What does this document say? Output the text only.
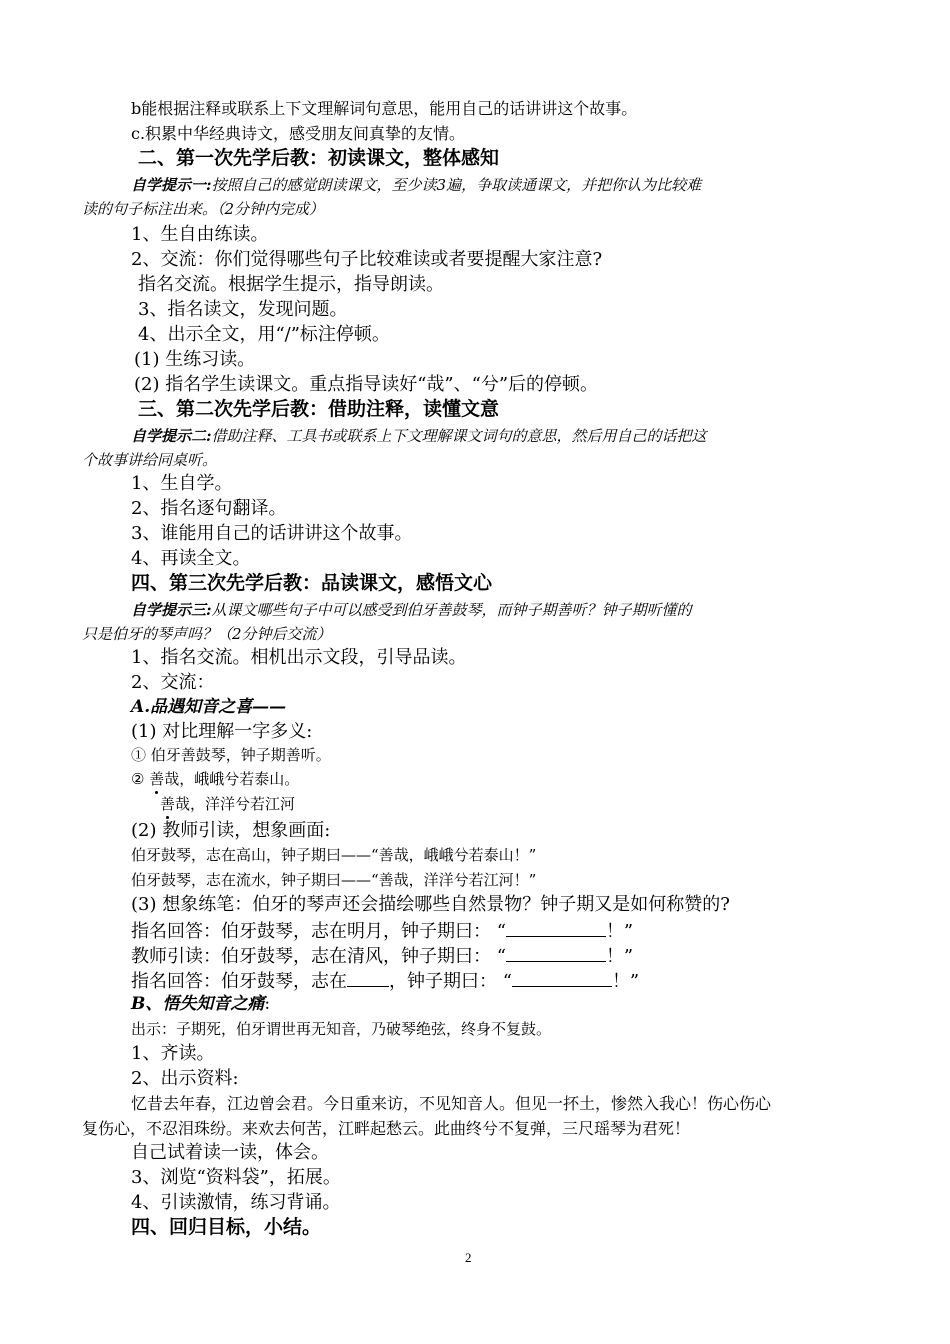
b能根据注释或联系上下文理解词句意思，能用自己的话讲讲这个故事。
c.积累中华经典诗文，感受朋友间真挚的友情。
二、第一次先学后教：初读课文，整体感知
自学提示一:按照自己的感觉朗读课文，至少读3遍，争取读通课文，并把你认为比较难
读的句子标注出来。（2分钟内完成）
1、生自由练读。
2、交流：你们觉得哪些句子比较难读或者要提醒大家注意?
指名交流。根据学生提示，指导朗读。
3、指名读文，发现问题。
4、出示全文，用“/”标注停顿。
(1) 生练习读。
(2) 指名学生读课文。重点指导读好“哉”、“兮”后的停顿。
三、第二次先学后教：借助注释，读懂文意
自学提示二:借助注释、工具书或联系上下文理解课文词句的意思，然后用自己的话把这
个故事讲给同桌听。
1、生自学。
2、指名逐句翻译。
3、谁能用自己的话讲讲这个故事。
4、再读全文。
四、第三次先学后教：品读课文，感悟文心
自学提示三:从课文哪些句子中可以感受到伯牙善鼓琴，而钟子期善听？钟子期听懂的
只是伯牙的琴声吗？（2分钟后交流）
1、指名交流。相机出示文段，引导品读。
2、交流：
A.品遇知音之喜——
(1) 对比理解一字多义:
① 伯牙善鼓琴，钟子期善听。
② 善哉，峨峨兮若泰山。
善哉，洋洋兮若江河
(2) 教师引读，想象画面:
伯牙鼓琴，志在高山，钟子期曰——“善哉，峨峨兮若泰山！”
伯牙鼓琴，志在流水，钟子期曰——“善哉，洋洋兮若江河！”
(3) 想象练笔：伯牙的琴声还会描绘哪些自然景物？钟子期又是如何称赞的?
指名回答：伯牙鼓琴，志在明月，钟子期曰： “	！”
教师引读：伯牙鼓琴，志在清风，钟子期曰： “	！”
指名回答：伯牙鼓琴，志在 ，钟子期曰： “	！”
B、悟失知音之痛:
出示：子期死，伯牙谓世再无知音，乃破琴绝弦，终身不复鼓。
1、齐读。
2、出示资料:
忆昔去年春，江边曾会君。今日重来访，不见知音人。但见一抔土，惨然入我心！伤心伤心
复伤心，不忍泪珠纷。来欢去何苦，江畔起愁云。此曲终兮不复弹，三尺瑶琴为君死！
自己试着读一读，体会。
3、浏览“资料袋”，拓展。
4、引读激情，练习背诵。
四、回归目标，小结。
2
